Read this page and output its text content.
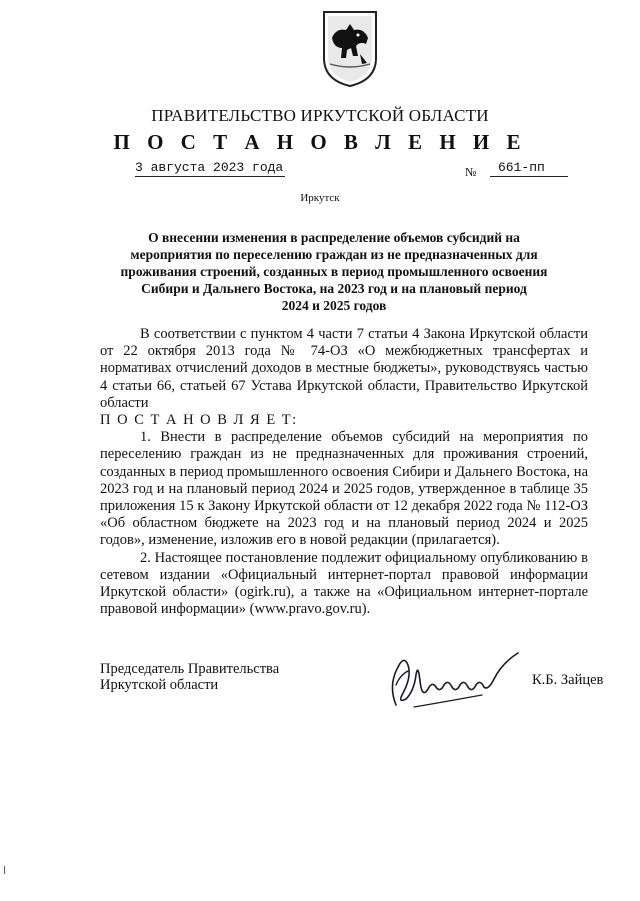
ПРАВИТЕЛЬСТВО ИРКУТСКОЙ ОБЛАСТИ
П О С Т А Н О В Л Е Н И Е
3 августа 2023 года	№	661-пп
Иркутск
О внесении изменения в распределение объемов субсидий на
мероприятия по переселению граждан из не предназначенных для
проживания строений, созданных в период промышленного освоения
Сибири и Дальнего Востока, на 2023 год и на плановый период
2024 и 2025 годов

В соответствии с пунктом 4 части 7 статьи 4 Закона Иркутской области от 22 октября 2013 года № 74-ОЗ «О межбюджетных трансфертах и нормативах отчислений доходов в местные бюджеты», руководствуясь частью 4 статьи 66, статьей 67 Устава Иркутской области, Правительство Иркутской области

П О С Т А Н О В Л Я Е Т:

1. Внести в распределение объемов субсидий на мероприятия по переселению граждан из не предназначенных для проживания строений, созданных в период промышленного освоения Сибири и Дальнего Востока, на 2023 год и на плановый период 2024 и 2025 годов, утвержденное в таблице 35 приложения 15 к Закону Иркутской области от 12 декабря 2022 года № 112-ОЗ «Об областном бюджете на 2023 год и на плановый период 2024 и 2025 годов», изменение, изложив его в новой редакции (прилагается).

2. Настоящее постановление подлежит официальному опубликованию в сетевом издании «Официальный интернет-портал правовой информации Иркутской области» (ogirk.ru), а также на «Официальном интернет-портале правовой информации» (www.pravo.gov.ru).

Председатель Правительства
Иркутской области	К.Б. Зайцев
